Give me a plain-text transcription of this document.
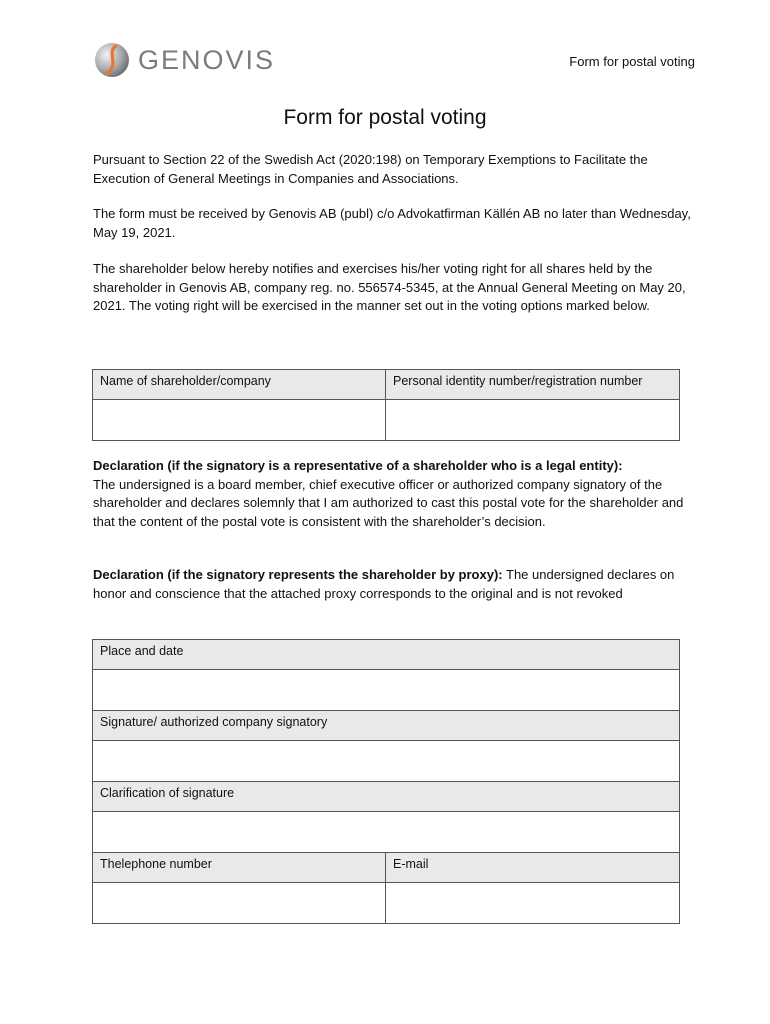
GENOVIS	Form for postal voting
Form for postal voting

Pursuant to Section 22 of the Swedish Act (2020:198) on Temporary Exemptions to Facilitate the Execution of General Meetings in Companies and Associations.

The form must be received by Genovis AB (publ) c/o Advokatfirman Källén AB no later than Wednesday, May 19, 2021.

The shareholder below hereby notifies and exercises his/her voting right for all shares held by the shareholder in Genovis AB, company reg. no. 556574-5345, at the Annual General Meeting on May 20, 2021. The voting right will be exercised in the manner set out in the voting options marked below.

Name of shareholder/company	Personal identity number/registration number

Declaration (if the signatory is a representative of a shareholder who is a legal entity):
The undersigned is a board member, chief executive officer or authorized company signatory of the shareholder and declares solemnly that I am authorized to cast this postal vote for the shareholder and that the content of the postal vote is consistent with the shareholder’s decision.

Declaration (if the signatory represents the shareholder by proxy): The undersigned declares on honor and conscience that the attached proxy corresponds to the original and is not revoked

Place and date	

Signature/ authorized company signatory	

Clarification of signature	

Thelephone number	E-mail
